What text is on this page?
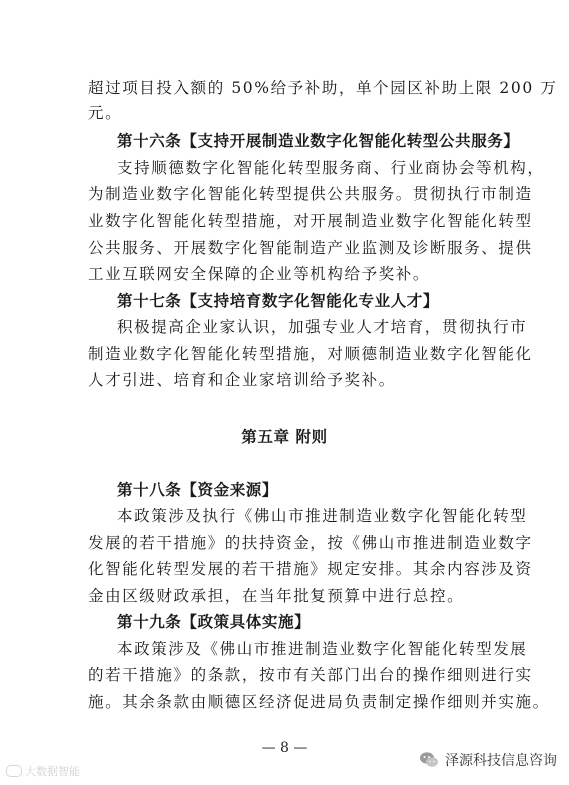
超过项目投入额的 50%给予补助，单个园区补助上限 200 万
元。
第十六条【支持开展制造业数字化智能化转型公共服务】
支持顺德数字化智能化转型服务商、行业商协会等机构，
为制造业数字化智能化转型提供公共服务。贯彻执行市制造
业数字化智能化转型措施，对开展制造业数字化智能化转型
公共服务、开展数字化智能制造产业监测及诊断服务、提供
工业互联网安全保障的企业等机构给予奖补。
第十七条【支持培育数字化智能化专业人才】
积极提高企业家认识，加强专业人才培育，贯彻执行市
制造业数字化智能化转型措施，对顺德制造业数字化智能化
人才引进、培育和企业家培训给予奖补。
第五章 附则
第十八条【资金来源】
本政策涉及执行《佛山市推进制造业数字化智能化转型
发展的若干措施》的扶持资金，按《佛山市推进制造业数字
化智能化转型发展的若干措施》规定安排。其余内容涉及资
金由区级财政承担，在当年批复预算中进行总控。
第十九条【政策具体实施】
本政策涉及《佛山市推进制造业数字化智能化转型发展
的若干措施》的条款，按市有关部门出台的操作细则进行实
施。其余条款由顺德区经济促进局负责制定操作细则并实施。
— 8 —
大数据智能
泽源科技信息咨询
